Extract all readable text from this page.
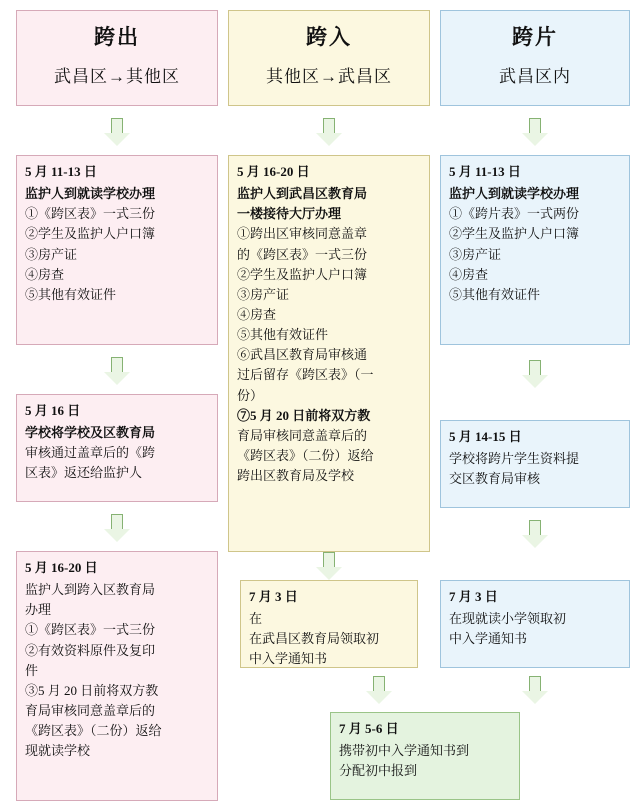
跨出
武昌区→其他区
跨入
其他区→武昌区
跨片
武昌区内
5 月 11-13 日
监护人到就读学校办理
①《跨区表》一式三份
②学生及监护人户口簿
③房产证
④房查
⑤其他有效证件
5 月 16 日
学校将学校及区教育局
审核通过盖章后的《跨
区表》返还给监护人
5 月 16-20 日
监护人到跨入区教育局
办理
①《跨区表》一式三份
②有效资料原件及复印
件
③5 月 20 日前将双方教
育局审核同意盖章后的
《跨区表》（二份）返给
现就读学校
5 月 16-20 日
监护人到武昌区教育局
一楼接待大厅办理
①跨出区审核同意盖章
的《跨区表》一式三份
②学生及监护人户口簿
③房产证
④房查
⑤其他有效证件
⑥武昌区教育局审核通
过后留存《跨区表》（一
份）
⑦5 月 20 日前将双方教
育局审核同意盖章后的
《跨区表》（二份）返给
跨出区教育局及学校
7 月 3 日
在
在武昌区教育局领取初
中入学通知书
5 月 11-13 日
监护人到就读学校办理
①《跨片表》一式两份
②学生及监护人户口簿
③房产证
④房查
⑤其他有效证件
5 月 14-15 日
学校将跨片学生资料提
交区教育局审核
7 月 3 日
在现就读小学领取初
中入学通知书
7 月 5-6 日
携带初中入学通知书到
分配初中报到
